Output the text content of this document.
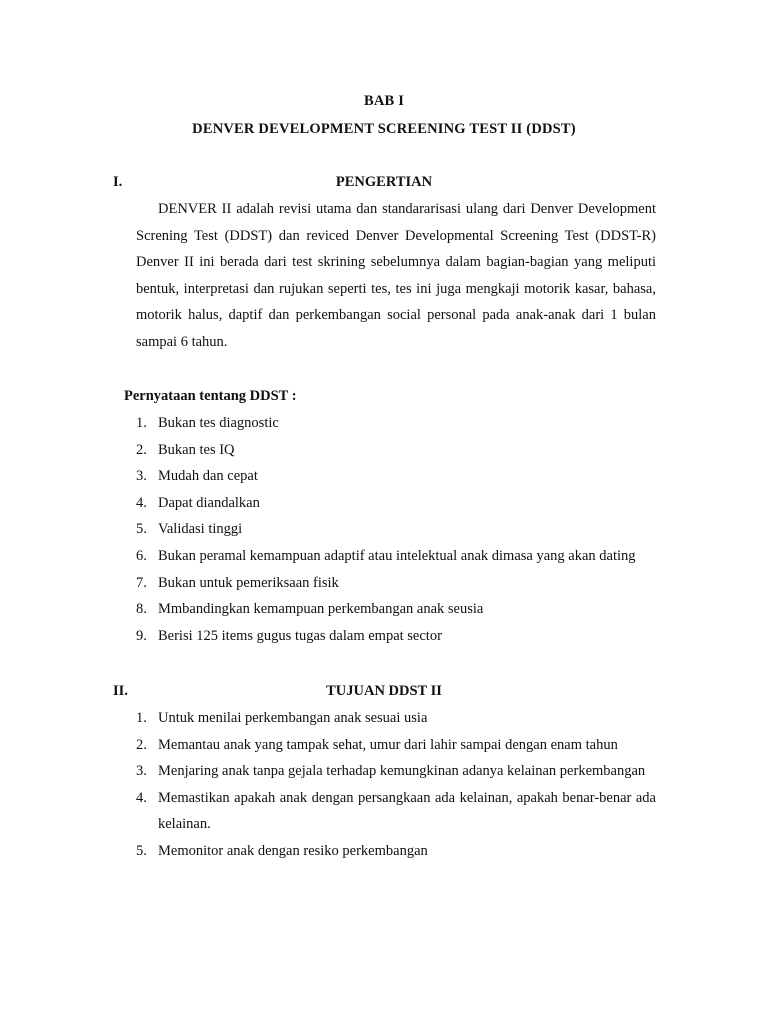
BAB I
DENVER DEVELOPMENT SCREENING TEST II (DDST)
I.	PENGERTIAN

DENVER II adalah revisi utama dan standararisasi ulang dari Denver Development Screning Test (DDST) dan reviced Denver Developmental Screening Test (DDST-R) Denver II ini berada dari test skrining sebelumnya dalam bagian-bagian yang meliputi bentuk, interpretasi dan rujukan seperti tes, tes ini juga mengkaji motorik kasar, bahasa, motorik halus, daptif dan perkembangan social personal pada anak-anak dari 1 bulan sampai 6 tahun.

Pernyataan tentang DDST :
1. Bukan tes diagnostic
2. Bukan tes IQ
3. Mudah dan cepat
4. Dapat diandalkan
5. Validasi tinggi
6. Bukan peramal kemampuan adaptif atau intelektual anak dimasa yang akan dating
7. Bukan untuk pemeriksaan fisik
8. Mmbandingkan kemampuan perkembangan anak seusia
9. Berisi 125 items gugus tugas dalam empat sector
II.	TUJUAN DDST II
1. Untuk menilai perkembangan anak sesuai usia
2. Memantau anak yang tampak sehat, umur dari lahir sampai dengan enam tahun
3. Menjaring anak tanpa gejala terhadap kemungkinan adanya kelainan perkembangan
4. Memastikan apakah anak dengan persangkaan ada kelainan, apakah benar-benar ada kelainan.
5. Memonitor anak dengan resiko perkembangan
